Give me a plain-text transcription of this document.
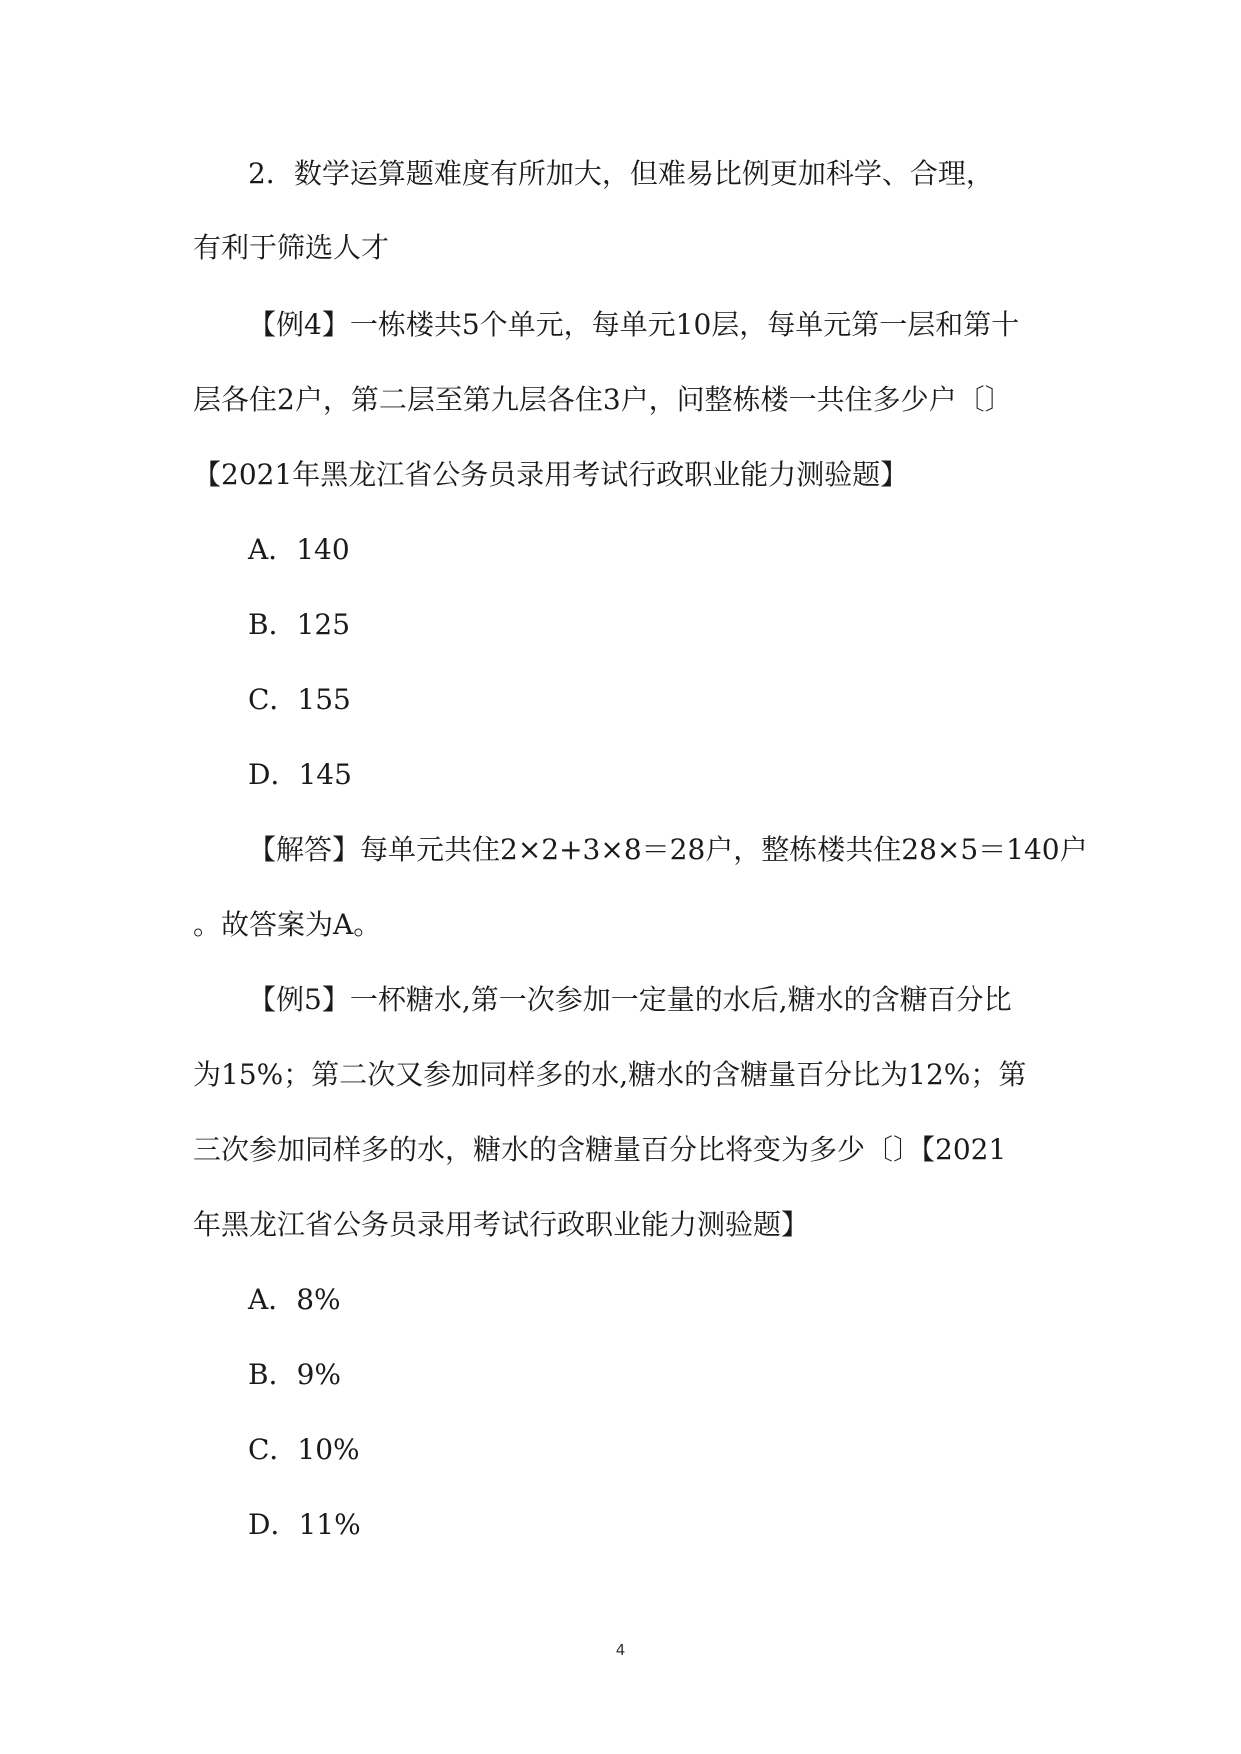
2．数学运算题难度有所加大，但难易比例更加科学、合理，
有利于筛选人才
【例4】一栋楼共5个单元，每单元10层，每单元第一层和第十
层各住2户，第二层至第九层各住3户，问整栋楼一共住多少户〔〕
【2021年黑龙江省公务员录用考试行政职业能力测验题】
A．140
B．125
C．155
D．145
【解答】每单元共住2×2+3×8＝28户，整栋楼共住28×5＝140户
。故答案为A。
【例5】一杯糖水,第一次参加一定量的水后,糖水的含糖百分比
为15%；第二次又参加同样多的水,糖水的含糖量百分比为12%；第
三次参加同样多的水，糖水的含糖量百分比将变为多少〔〕【2021
年黑龙江省公务员录用考试行政职业能力测验题】
A．8%
B．9%
C．10%
D．11%
4
